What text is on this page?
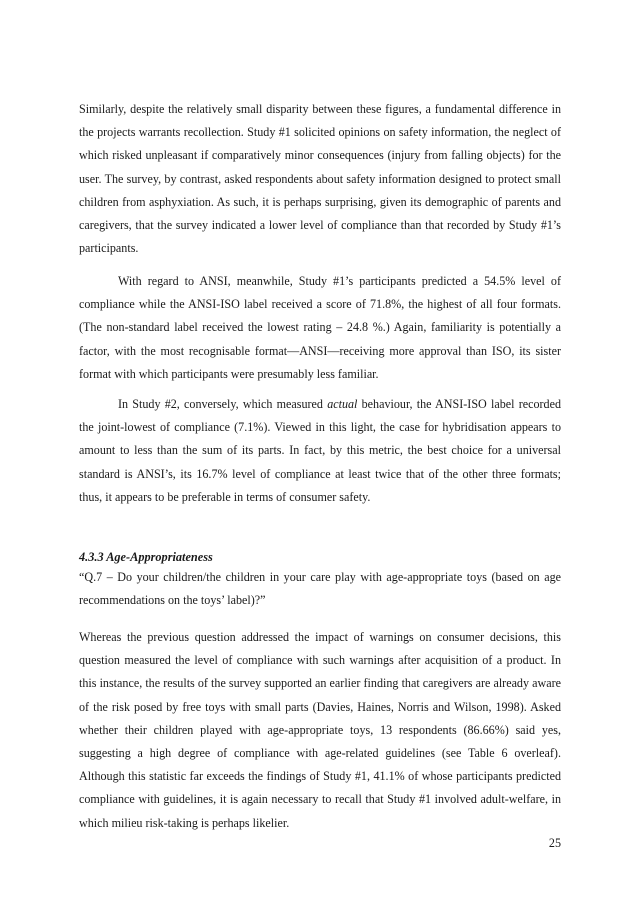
Similarly, despite the relatively small disparity between these figures, a fundamental difference in the projects warrants recollection. Study #1 solicited opinions on safety information, the neglect of which risked unpleasant if comparatively minor consequences (injury from falling objects) for the user. The survey, by contrast, asked respondents about safety information designed to protect small children from asphyxiation. As such, it is perhaps surprising, given its demographic of parents and caregivers, that the survey indicated a lower level of compliance than that recorded by Study #1’s participants.

With regard to ANSI, meanwhile, Study #1’s participants predicted a 54.5% level of compliance while the ANSI-ISO label received a score of 71.8%, the highest of all four formats. (The non-standard label received the lowest rating – 24.8 %.) Again, familiarity is potentially a factor, with the most recognisable format—ANSI—receiving more approval than ISO, its sister format with which participants were presumably less familiar.

In Study #2, conversely, which measured actual behaviour, the ANSI-ISO label recorded the joint-lowest of compliance (7.1%). Viewed in this light, the case for hybridisation appears to amount to less than the sum of its parts. In fact, by this metric, the best choice for a universal standard is ANSI’s, its 16.7% level of compliance at least twice that of the other three formats; thus, it appears to be preferable in terms of consumer safety.

4.3.3 Age-Appropriateness

“Q.7 – Do your children/the children in your care play with age-appropriate toys (based on age recommendations on the toys’ label)?”

Whereas the previous question addressed the impact of warnings on consumer decisions, this question measured the level of compliance with such warnings after acquisition of a product. In this instance, the results of the survey supported an earlier finding that caregivers are already aware of the risk posed by free toys with small parts (Davies, Haines, Norris and Wilson, 1998). Asked whether their children played with age-appropriate toys, 13 respondents (86.66%) said yes, suggesting a high degree of compliance with age-related guidelines (see Table 6 overleaf). Although this statistic far exceeds the findings of Study #1, 41.1% of whose participants predicted compliance with guidelines, it is again necessary to recall that Study #1 involved adult-welfare, in which milieu risk-taking is perhaps likelier.

25
